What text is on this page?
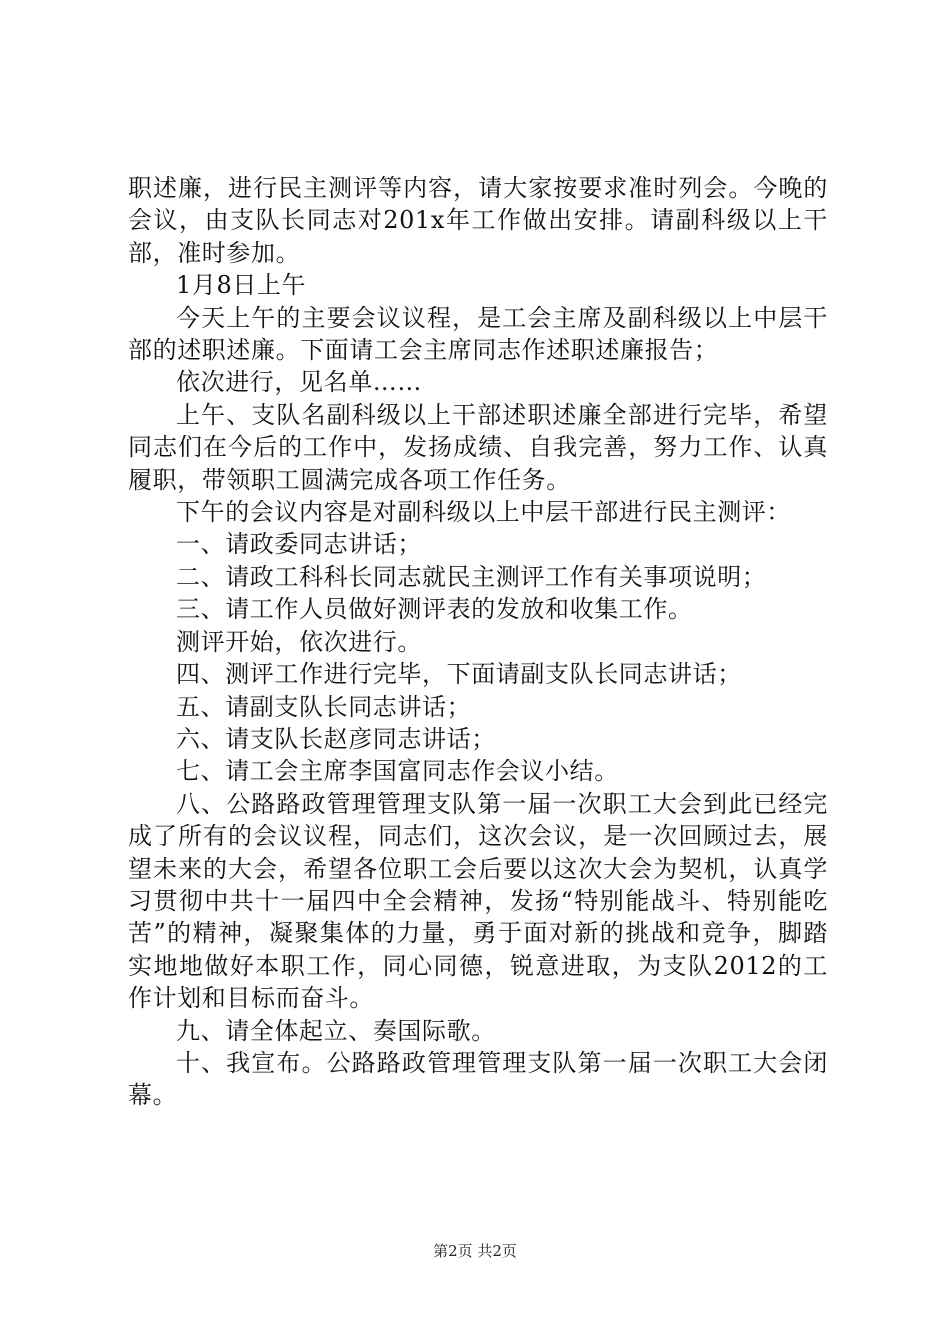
职述廉，进行民主测评等内容，请大家按要求准时列会。今晚的会议，由支队长同志对201x年工作做出安排。请副科级以上干部，准时参加。

1月8日上午

今天上午的主要会议议程，是工会主席及副科级以上中层干部的述职述廉。下面请工会主席同志作述职述廉报告；

依次进行，见名单……

上午、支队名副科级以上干部述职述廉全部进行完毕，希望同志们在今后的工作中，发扬成绩、自我完善，努力工作、认真履职，带领职工圆满完成各项工作任务。

下午的会议内容是对副科级以上中层干部进行民主测评：

一、请政委同志讲话；

二、请政工科科长同志就民主测评工作有关事项说明；

三、请工作人员做好测评表的发放和收集工作。

测评开始，依次进行。

四、测评工作进行完毕，下面请副支队长同志讲话；

五、请副支队长同志讲话；

六、请支队长赵彦同志讲话；

七、请工会主席李国富同志作会议小结。

八、公路路政管理管理支队第一届一次职工大会到此已经完成了所有的会议议程，同志们，这次会议，是一次回顾过去，展望未来的大会，希望各位职工会后要以这次大会为契机，认真学习贯彻中共十一届四中全会精神，发扬“特别能战斗、特别能吃苦”的精神，凝聚集体的力量，勇于面对新的挑战和竞争，脚踏实地地做好本职工作，同心同德，锐意进取，为支队2012的工作计划和目标而奋斗。

九、请全体起立、奏国际歌。

十、我宣布。公路路政管理管理支队第一届一次职工大会闭幕。

第2页 共2页
